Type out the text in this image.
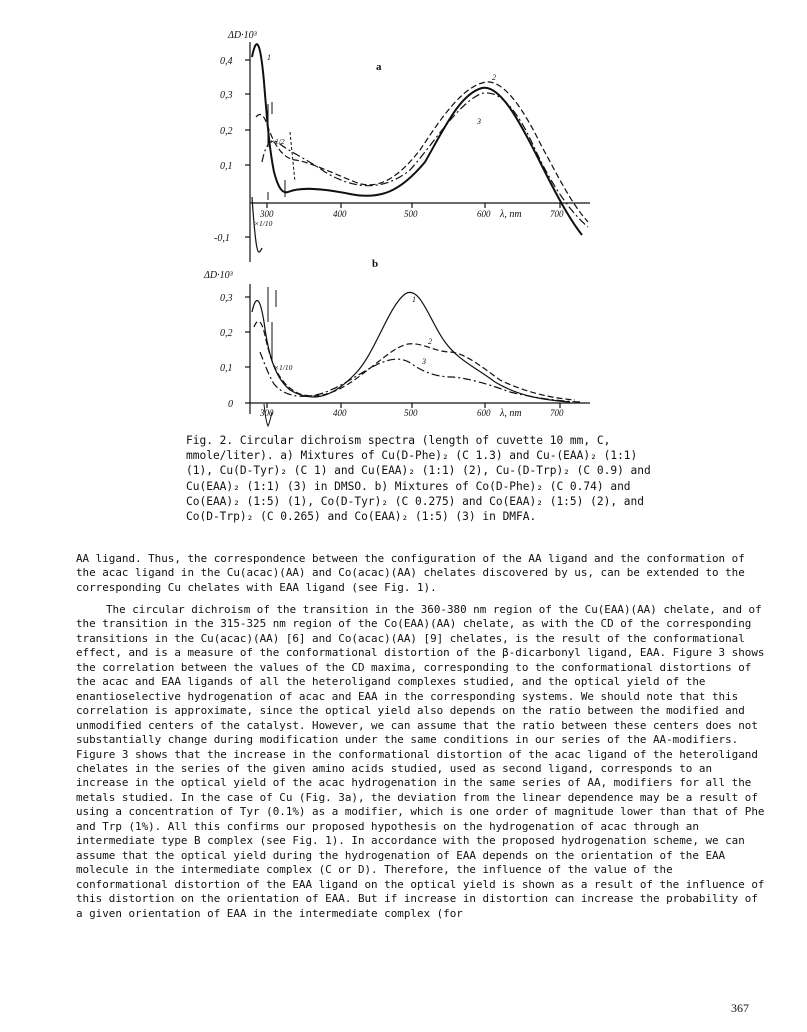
ΔD·10³
0,4
0,3
0,2
0,1
-0,1
300	400	500	600	700
λ, nm
a
1
2
3
×1/2
×1/10
ΔD·10³
b
0,3
0,2
0,1
0
300	400	500	600	700
λ, nm
1
2
3
×1/10

Fig. 2. Circular dichroism spectra (length of cuvette 10 mm, C, mmole/liter). a) Mixtures of Cu(D-Phe)₂ (C 1.3) and Cu-(EAA)₂ (1:1) (1), Cu(D-Tyr)₂ (C 1) and Cu(EAA)₂ (1:1) (2), Cu-(D-Trp)₂ (C 0.9) and Cu(EAA)₂ (1:1) (3) in DMSO. b) Mixtures of Co(D-Phe)₂ (C 0.74) and Co(EAA)₂ (1:5) (1), Co(D-Tyr)₂ (C 0.275) and Co(EAA)₂ (1:5) (2), and Co(D-Trp)₂ (C 0.265) and Co(EAA)₂ (1:5) (3) in DMFA.

AA ligand. Thus, the correspondence between the configuration of the AA ligand and the conformation of the acac ligand in the Cu(acac)(AA) and Co(acac)(AA) chelates discovered by us, can be extended to the corresponding Cu chelates with EAA ligand (see Fig. 1).

The circular dichroism of the transition in the 360-380 nm region of the Cu(EAA)(AA) chelate, and of the transition in the 315-325 nm region of the Co(EAA)(AA) chelate, as with the CD of the corresponding transitions in the Cu(acac)(AA) [6] and Co(acac)(AA) [9] chelates, is the result of the conformational effect, and is a measure of the conformational distortion of the β-dicarbonyl ligand, EAA. Figure 3 shows the correlation between the values of the CD maxima, corresponding to the conformational distortions of the acac and EAA ligands of all the heteroligand complexes studied, and the optical yield of the enantioselective hydrogenation of acac and EAA in the corresponding systems. We should note that this correlation is approximate, since the optical yield also depends on the ratio between the modified and unmodified centers of the catalyst. However, we can assume that the ratio between these centers does not substantially change during modification under the same conditions in our series of the AA-modifiers. Figure 3 shows that the increase in the conformational distortion of the acac ligand of the heteroligand chelates in the series of the given amino acids studied, used as second ligand, corresponds to an increase in the optical yield of the acac hydrogenation in the same series of AA, modifiers for all the metals studied. In the case of Cu (Fig. 3a), the deviation from the linear dependence may be a result of using a concentration of Tyr (0.1%) as a modifier, which is one order of magnitude lower than that of Phe and Trp (1%). All this confirms our proposed hypothesis on the hydrogenation of acac through an intermediate type B complex (see Fig. 1). In accordance with the proposed hydrogenation scheme, we can assume that the optical yield during the hydrogenation of EAA depends on the orientation of the EAA molecule in the intermediate complex (C or D). Therefore, the influence of the value of the conformational distortion of the EAA ligand on the optical yield is shown as a result of the influence of this distortion on the orientation of EAA. But if increase in distortion can increase the probability of a given orientation of EAA in the intermediate complex (for

367
